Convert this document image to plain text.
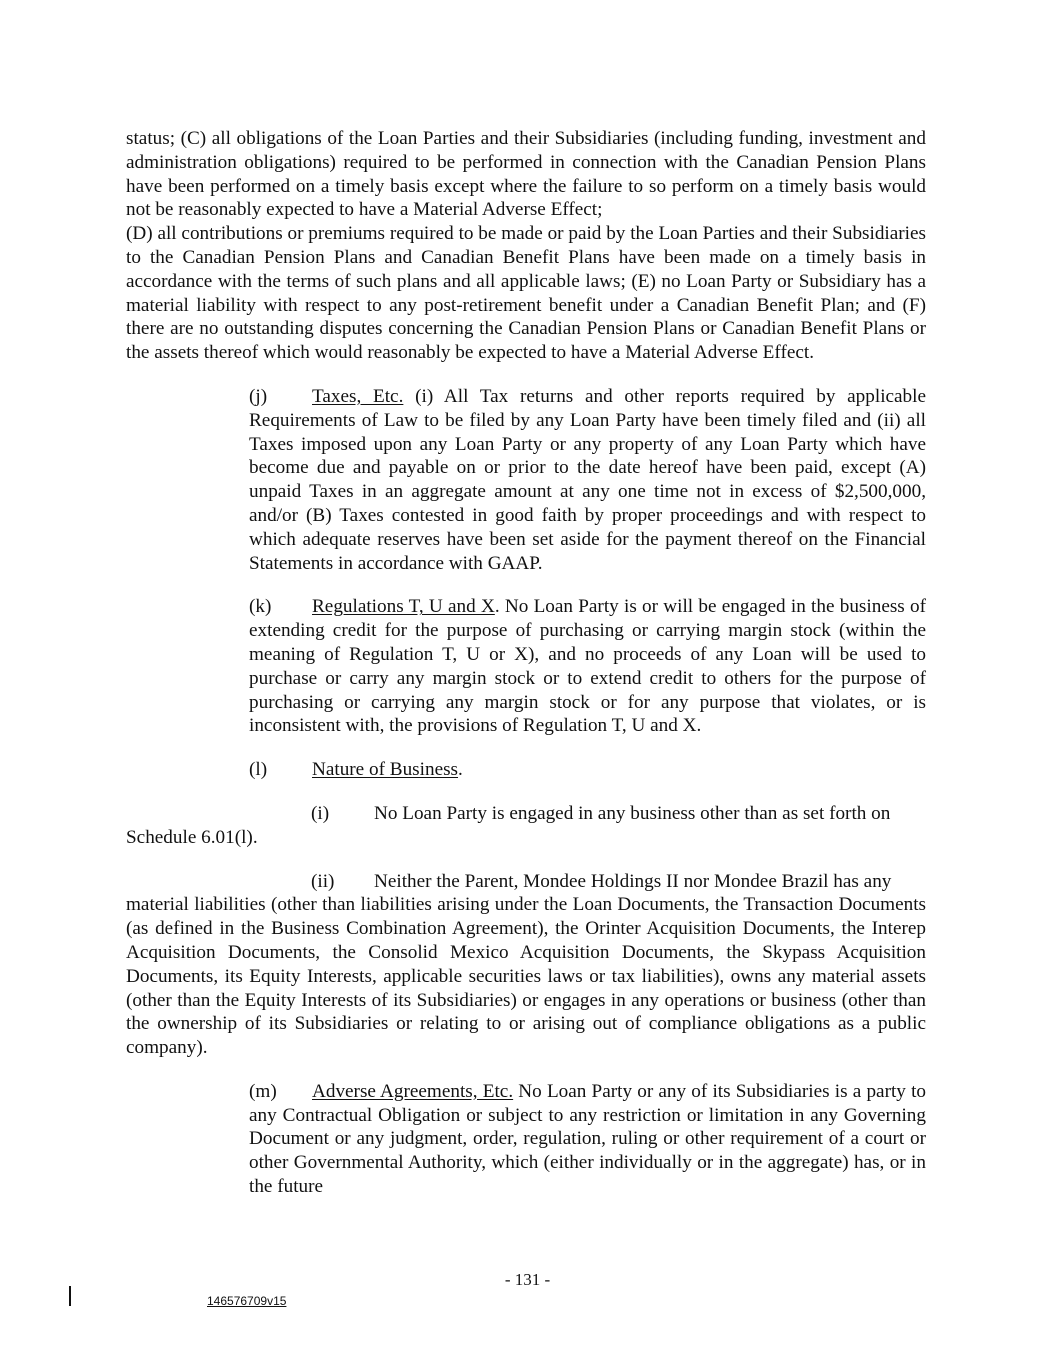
status; (C) all obligations of the Loan Parties and their Subsidiaries (including funding, investment and administration obligations) required to be performed in connection with the Canadian Pension Plans have been performed on a timely basis except where the failure to so perform on a timely basis would not be reasonably expected to have a Material Adverse Effect;

(D) all contributions or premiums required to be made or paid by the Loan Parties and their Subsidiaries to the Canadian Pension Plans and Canadian Benefit Plans have been made on a timely basis in accordance with the terms of such plans and all applicable laws; (E) no Loan Party or Subsidiary has a material liability with respect to any post-retirement benefit under a Canadian Benefit Plan; and (F) there are no outstanding disputes concerning the Canadian Pension Plans or Canadian Benefit Plans or the assets thereof which would reasonably be expected to have a Material Adverse Effect.

(j) Taxes, Etc. (i) All Tax returns and other reports required by applicable Requirements of Law to be filed by any Loan Party have been timely filed and (ii) all Taxes imposed upon any Loan Party or any property of any Loan Party which have become due and payable on or prior to the date hereof have been paid, except (A) unpaid Taxes in an aggregate amount at any one time not in excess of $2,500,000, and/or (B) Taxes contested in good faith by proper proceedings and with respect to which adequate reserves have been set aside for the payment thereof on the Financial Statements in accordance with GAAP.

(k) Regulations T, U and X. No Loan Party is or will be engaged in the business of extending credit for the purpose of purchasing or carrying margin stock (within the meaning of Regulation T, U or X), and no proceeds of any Loan will be used to purchase or carry any margin stock or to extend credit to others for the purpose of purchasing or carrying any margin stock or for any purpose that violates, or is inconsistent with, the provisions of Regulation T, U and X.

(l) Nature of Business.

(i) No Loan Party is engaged in any business other than as set forth on

Schedule 6.01(l).

(ii) Neither the Parent, Mondee Holdings II nor Mondee Brazil has any

material liabilities (other than liabilities arising under the Loan Documents, the Transaction Documents (as defined in the Business Combination Agreement), the Orinter Acquisition Documents, the Interep Acquisition Documents, the Consolid Mexico Acquisition Documents, the Skypass Acquisition Documents, its Equity Interests, applicable securities laws or tax liabilities), owns any material assets (other than the Equity Interests of its Subsidiaries) or engages in any operations or business (other than the ownership of its Subsidiaries or relating to or arising out of compliance obligations as a public company).

(m) Adverse Agreements, Etc. No Loan Party or any of its Subsidiaries is a party to any Contractual Obligation or subject to any restriction or limitation in any Governing Document or any judgment, order, regulation, ruling or other requirement of a court or other Governmental Authority, which (either individually or in the aggregate) has, or in the future

- 131 -
146576709v15
